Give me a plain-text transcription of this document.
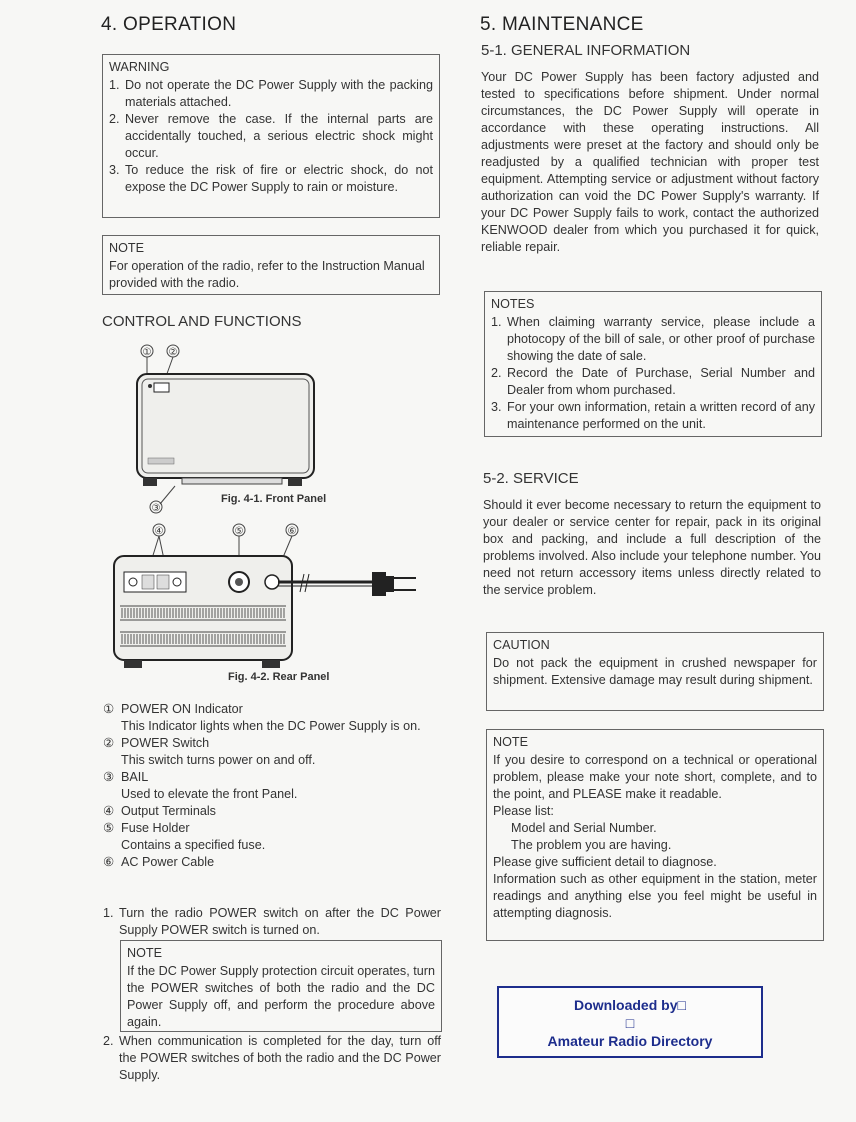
4. OPERATION
WARNING
1. Do not operate the DC Power Supply with the packing materials attached.
2. Never remove the case. If the internal parts are accidentally touched, a serious electric shock might occur.
3. To reduce the risk of fire or electric shock, do not expose the DC Power Supply to rain or moisture.
NOTE
For operation of the radio, refer to the Instruction Manual provided with the radio.
CONTROL AND FUNCTIONS
① ②
③
Fig. 4-1. Front Panel
④	⑤	⑥
Fig. 4-2. Rear Panel
① POWER ON Indicator
This Indicator lights when the DC Power Supply is on.
② POWER Switch
This switch turns power on and off.
③ BAIL
Used to elevate the front Panel.
④ Output Terminals
⑤ Fuse Holder
Contains a specified fuse.
⑥ AC Power Cable
1. Turn the radio POWER switch on after the DC Power Supply POWER switch is turned on.
NOTE
If the DC Power Supply protection circuit operates, turn the POWER switches of both the radio and the DC Power Supply off, and perform the procedure above again.
2. When communication is completed for the day, turn off the POWER switches of both the radio and the DC Power Supply.
5. MAINTENANCE
5-1. GENERAL INFORMATION
Your DC Power Supply has been factory adjusted and tested to specifications before shipment. Under normal circumstances, the DC Power Supply will operate in accordance with these operating instructions. All adjustments were preset at the factory and should only be readjusted by a qualified technician with proper test equipment. Attempting service or adjustment without factory authorization can void the DC Power Supply's warranty. If your DC Power Supply fails to work, contact the authorized KENWOOD dealer from which you purchased it for quick, reliable repair.
NOTES
1. When claiming warranty service, please include a photocopy of the bill of sale, or other proof of purchase showing the date of sale.
2. Record the Date of Purchase, Serial Number and Dealer from whom purchased.
3. For your own information, retain a written record of any maintenance performed on the unit.
5-2. SERVICE
Should it ever become necessary to return the equipment to your dealer or service center for repair, pack in its original box and packing, and include a full description of the problems involved. Also include your telephone number. You need not return accessory items unless directly related to the service problem.
CAUTION
Do not pack the equipment in crushed newspaper for shipment. Extensive damage may result during shipment.
NOTE
If you desire to correspond on a technical or operational problem, please make your note short, complete, and to the point, and PLEASE make it readable.
Please list:
Model and Serial Number.
The problem you are having.
Please give sufficient detail to diagnose.
Information such as other equipment in the station, meter readings and anything else you feel might be useful in attempting diagnosis.
Downloaded by□
□
Amateur Radio Directory
